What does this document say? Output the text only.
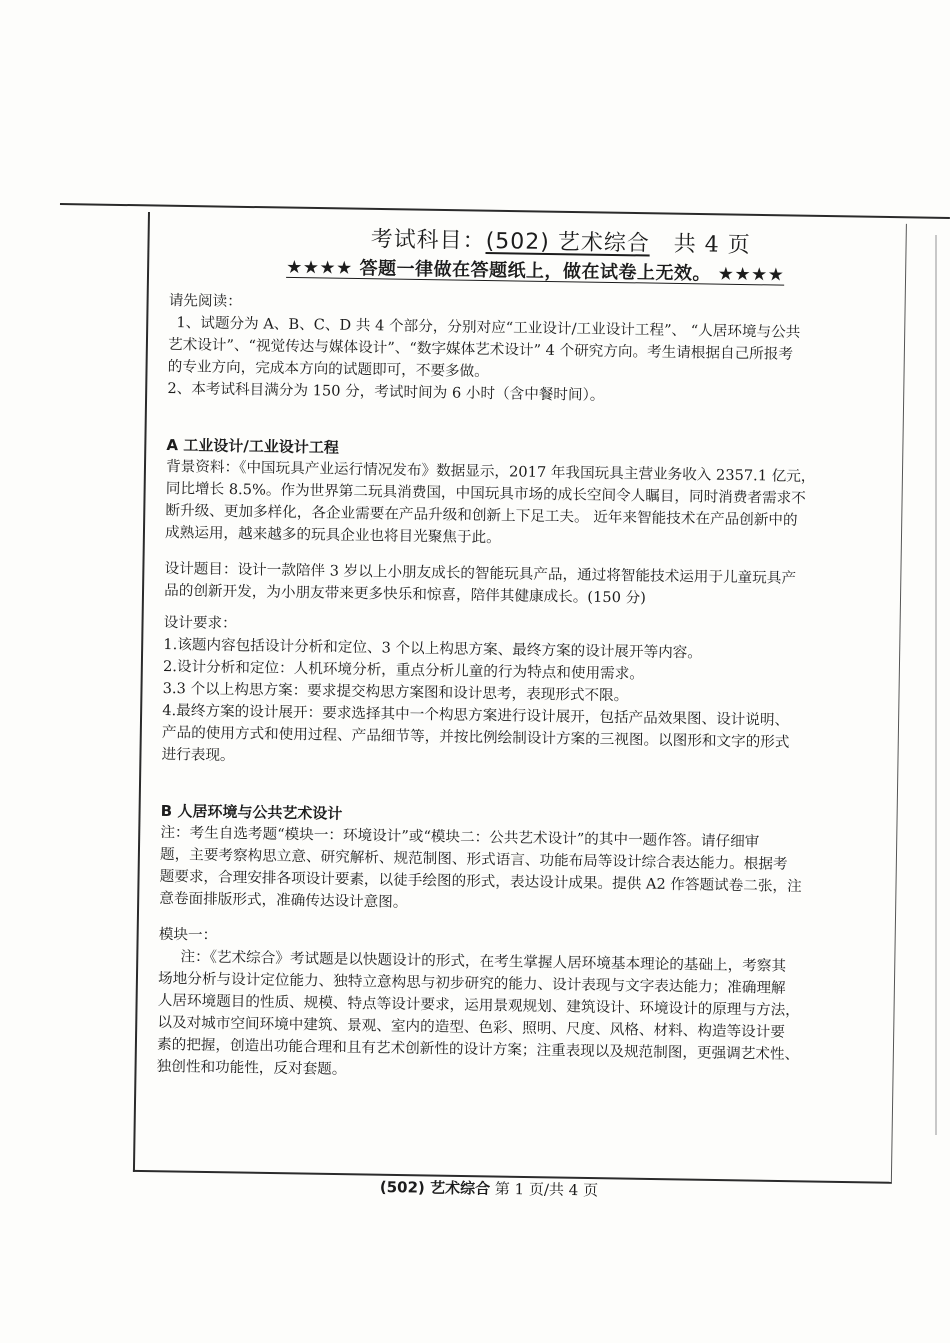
考试科目：(502) 艺术综合 共 4 页
★★★★ 答题一律做在答题纸上，做在试卷上无效。 ★★★★

请先阅读：

1、试题分为 A、B、C、D 共 4 个部分，分别对应“工业设计/工业设计工程”、 “人居环境与公共

艺术设计”、“视觉传达与媒体设计”、“数字媒体艺术设计” 4 个研究方向。考生请根据自己所报考

的专业方向，完成本方向的试题即可，不要多做。

2、本考试科目满分为 150 分，考试时间为 6 小时（含中餐时间）。

A 工业设计/工业设计工程

背景资料：《中国玩具产业运行情况发布》数据显示，2017 年我国玩具主营业务收入 2357.1 亿元，

同比增长 8.5%。作为世界第二玩具消费国，中国玩具市场的成长空间令人瞩目，同时消费者需求不

断升级、更加多样化，各企业需要在产品升级和创新上下足工夫。 近年来智能技术在产品创新中的

成熟运用，越来越多的玩具企业也将目光聚焦于此。

设计题目：设计一款陪伴 3 岁以上小朋友成长的智能玩具产品，通过将智能技术运用于儿童玩具产

品的创新开发，为小朋友带来更多快乐和惊喜，陪伴其健康成长。(150 分)

设计要求：

1.该题内容包括设计分析和定位、3 个以上构思方案、最终方案的设计展开等内容。

2.设计分析和定位：人机环境分析，重点分析儿童的行为特点和使用需求。

3.3 个以上构思方案：要求提交构思方案图和设计思考，表现形式不限。

4.最终方案的设计展开：要求选择其中一个构思方案进行设计展开，包括产品效果图、设计说明、

产品的使用方式和使用过程、产品细节等，并按比例绘制设计方案的三视图。以图形和文字的形式

进行表现。

B 人居环境与公共艺术设计

注：考生自选考题“模块一：环境设计”或“模块二：公共艺术设计”的其中一题作答。请仔细审

题，主要考察构思立意、研究解析、规范制图、形式语言、功能布局等设计综合表达能力。根据考

题要求，合理安排各项设计要素，以徒手绘图的形式，表达设计成果。提供 A2 作答题试卷二张，注

意卷面排版形式，准确传达设计意图。

模块一：

注：《艺术综合》考试题是以快题设计的形式，在考生掌握人居环境基本理论的基础上，考察其

场地分析与设计定位能力、独特立意构思与初步研究的能力、设计表现与文字表达能力；准确理解

人居环境题目的性质、规模、特点等设计要求，运用景观规划、建筑设计、环境设计的原理与方法，

以及对城市空间环境中建筑、景观、室内的造型、色彩、照明、尺度、风格、材料、构造等设计要

素的把握，创造出功能合理和且有艺术创新性的设计方案；注重表现以及规范制图，更强调艺术性、

独创性和功能性，反对套题。

(502) 艺术综合 第 1 页/共 4 页
